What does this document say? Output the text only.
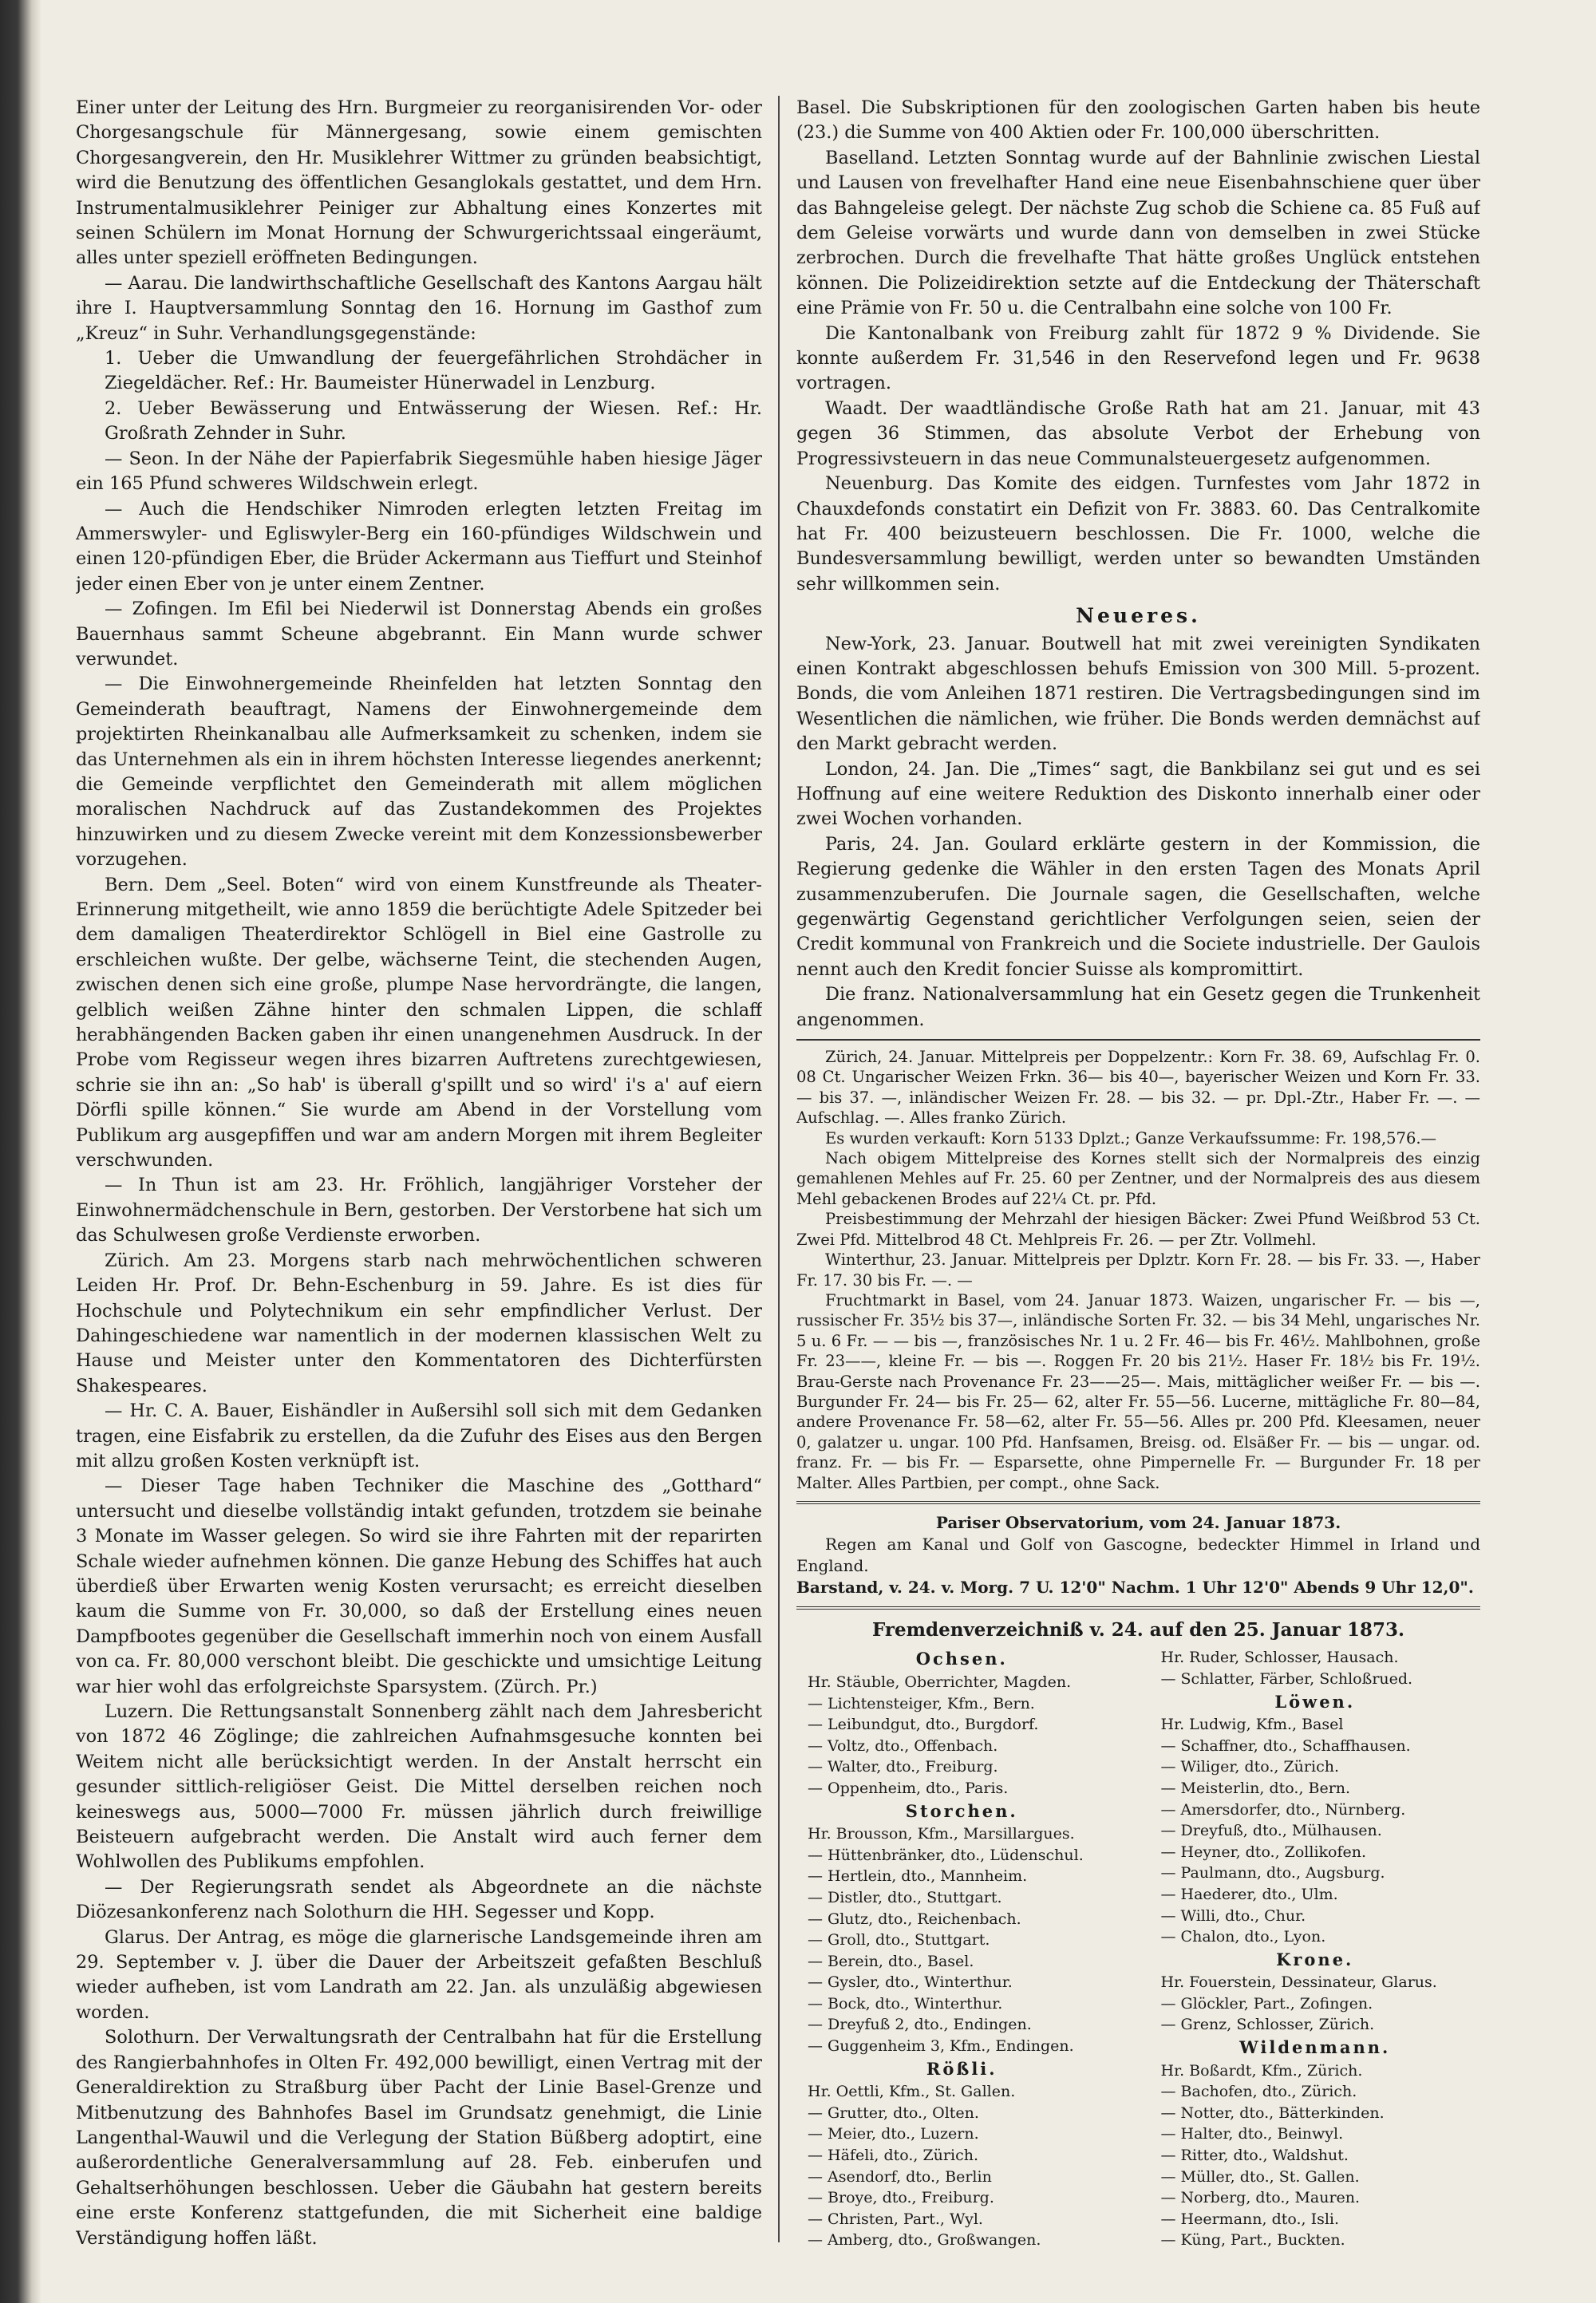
Einer unter der Leitung des Hrn. Burgmeier zu reorganisirenden Vor- oder Chorgesangschule für Männergesang, sowie einem gemischten Chorgesangverein, den Hr. Musiklehrer Wittmer zu gründen beabsichtigt, wird die Benutzung des öffentlichen Gesanglokals gestattet, und dem Hrn. Instrumentalmusiklehrer Peiniger zur Abhaltung eines Konzertes mit seinen Schülern im Monat Hornung der Schwurgerichtssaal eingeräumt, alles unter speziell eröffneten Bedingungen.

— Aarau. Die landwirthschaftliche Gesellschaft des Kantons Aargau hält ihre I. Hauptversammlung Sonntag den 16. Hornung im Gasthof zum „Kreuz“ in Suhr. Verhandlungsgegenstände:

1. Ueber die Umwandlung der feuergefährlichen Strohdächer in Ziegeldächer. Ref.: Hr. Baumeister Hünerwadel in Lenzburg.

2. Ueber Bewässerung und Entwässerung der Wiesen. Ref.: Hr. Großrath Zehnder in Suhr.

— Seon. In der Nähe der Papierfabrik Siegesmühle haben hiesige Jäger ein 165 Pfund schweres Wildschwein erlegt.

— Auch die Hendschiker Nimroden erlegten letzten Freitag im Ammerswyler- und Egliswyler-Berg ein 160-pfündiges Wildschwein und einen 120-pfündigen Eber, die Brüder Ackermann aus Tieffurt und Steinhof jeder einen Eber von je unter einem Zentner.

— Zofingen. Im Efil bei Niederwil ist Donnerstag Abends ein großes Bauernhaus sammt Scheune abgebrannt. Ein Mann wurde schwer verwundet.

— Die Einwohnergemeinde Rheinfelden hat letzten Sonntag den Gemeinderath beauftragt, Namens der Einwohnergemeinde dem projektirten Rheinkanalbau alle Aufmerksamkeit zu schenken, indem sie das Unternehmen als ein in ihrem höchsten Interesse liegendes anerkennt; die Gemeinde verpflichtet den Gemeinderath mit allem möglichen moralischen Nachdruck auf das Zustandekommen des Projektes hinzuwirken und zu diesem Zwecke vereint mit dem Konzessionsbewerber vorzugehen.

Bern. Dem „Seel. Boten“ wird von einem Kunstfreunde als Theater-Erinnerung mitgetheilt, wie anno 1859 die berüchtigte Adele Spitzeder bei dem damaligen Theaterdirektor Schlögell in Biel eine Gastrolle zu erschleichen wußte. Der gelbe, wächserne Teint, die stechenden Augen, zwischen denen sich eine große, plumpe Nase hervordrängte, die langen, gelblich weißen Zähne hinter den schmalen Lippen, die schlaff herabhängenden Backen gaben ihr einen unangenehmen Ausdruck. In der Probe vom Regisseur wegen ihres bizarren Auftretens zurechtgewiesen, schrie sie ihn an: „So hab' is überall g'spillt und so wird' i's a' auf eiern Dörfli spille können.“ Sie wurde am Abend in der Vorstellung vom Publikum arg ausgepfiffen und war am andern Morgen mit ihrem Begleiter verschwunden.

— In Thun ist am 23. Hr. Fröhlich, langjähriger Vorsteher der Einwohnermädchenschule in Bern, gestorben. Der Verstorbene hat sich um das Schulwesen große Verdienste erworben.

Zürich. Am 23. Morgens starb nach mehrwöchentlichen schweren Leiden Hr. Prof. Dr. Behn-Eschenburg in 59. Jahre. Es ist dies für Hochschule und Polytechnikum ein sehr empfindlicher Verlust. Der Dahingeschiedene war namentlich in der modernen klassischen Welt zu Hause und Meister unter den Kommentatoren des Dichterfürsten Shakespeares.

— Hr. C. A. Bauer, Eishändler in Außersihl soll sich mit dem Gedanken tragen, eine Eisfabrik zu erstellen, da die Zufuhr des Eises aus den Bergen mit allzu großen Kosten verknüpft ist.

— Dieser Tage haben Techniker die Maschine des „Gotthard“ untersucht und dieselbe vollständig intakt gefunden, trotzdem sie beinahe 3 Monate im Wasser gelegen. So wird sie ihre Fahrten mit der reparirten Schale wieder aufnehmen können. Die ganze Hebung des Schiffes hat auch überdieß über Erwarten wenig Kosten verursacht; es erreicht dieselben kaum die Summe von Fr. 30,000, so daß der Erstellung eines neuen Dampfbootes gegenüber die Gesellschaft immerhin noch von einem Ausfall von ca. Fr. 80,000 verschont bleibt. Die geschickte und umsichtige Leitung war hier wohl das erfolgreichste Sparsystem. (Zürch. Pr.)

Luzern. Die Rettungsanstalt Sonnenberg zählt nach dem Jahresbericht von 1872 46 Zöglinge; die zahlreichen Aufnahmsgesuche konnten bei Weitem nicht alle berücksichtigt werden. In der Anstalt herrscht ein gesunder sittlich-religiöser Geist. Die Mittel derselben reichen noch keineswegs aus, 5000—7000 Fr. müssen jährlich durch freiwillige Beisteuern aufgebracht werden. Die Anstalt wird auch ferner dem Wohlwollen des Publikums empfohlen.

— Der Regierungsrath sendet als Abgeordnete an die nächste Diözesankonferenz nach Solothurn die HH. Segesser und Kopp.

Glarus. Der Antrag, es möge die glarnerische Landsgemeinde ihren am 29. September v. J. über die Dauer der Arbeitszeit gefaßten Beschluß wieder aufheben, ist vom Landrath am 22. Jan. als unzuläßig abgewiesen worden.

Solothurn. Der Verwaltungsrath der Centralbahn hat für die Erstellung des Rangierbahnhofes in Olten Fr. 492,000 bewilligt, einen Vertrag mit der Generaldirektion zu Straßburg über Pacht der Linie Basel-Grenze und Mitbenutzung des Bahnhofes Basel im Grundsatz genehmigt, die Linie Langenthal-Wauwil und die Verlegung der Station Büßberg adoptirt, eine außerordentliche Generalversammlung auf 28. Feb. einberufen und Gehaltserhöhungen beschlossen. Ueber die Gäubahn hat gestern bereits eine erste Konferenz stattgefunden, die mit Sicherheit eine baldige Verständigung hoffen läßt.

Basel. Die Subskriptionen für den zoologischen Garten haben bis heute (23.) die Summe von 400 Aktien oder Fr. 100,000 überschritten.

Baselland. Letzten Sonntag wurde auf der Bahnlinie zwischen Liestal und Lausen von frevelhafter Hand eine neue Eisenbahnschiene quer über das Bahngeleise gelegt. Der nächste Zug schob die Schiene ca. 85 Fuß auf dem Geleise vorwärts und wurde dann von demselben in zwei Stücke zerbrochen. Durch die frevelhafte That hätte großes Unglück entstehen können. Die Polizeidirektion setzte auf die Entdeckung der Thäterschaft eine Prämie von Fr. 50 u. die Centralbahn eine solche von 100 Fr.

Die Kantonalbank von Freiburg zahlt für 1872 9 % Dividende. Sie konnte außerdem Fr. 31,546 in den Reservefond legen und Fr. 9638 vortragen.

Waadt. Der waadtländische Große Rath hat am 21. Januar, mit 43 gegen 36 Stimmen, das absolute Verbot der Erhebung von Progressivsteuern in das neue Communalsteuergesetz aufgenommen.

Neuenburg. Das Komite des eidgen. Turnfestes vom Jahr 1872 in Chauxdefonds constatirt ein Defizit von Fr. 3883. 60. Das Centralkomite hat Fr. 400 beizusteuern beschlossen. Die Fr. 1000, welche die Bundesversammlung bewilligt, werden unter so bewandten Umständen sehr willkommen sein.

Neueres.

New-York, 23. Januar. Boutwell hat mit zwei vereinigten Syndikaten einen Kontrakt abgeschlossen behufs Emission von 300 Mill. 5-prozent. Bonds, die vom Anleihen 1871 restiren. Die Vertragsbedingungen sind im Wesentlichen die nämlichen, wie früher. Die Bonds werden demnächst auf den Markt gebracht werden.

London, 24. Jan. Die „Times“ sagt, die Bankbilanz sei gut und es sei Hoffnung auf eine weitere Reduktion des Diskonto innerhalb einer oder zwei Wochen vorhanden.

Paris, 24. Jan. Goulard erklärte gestern in der Kommission, die Regierung gedenke die Wähler in den ersten Tagen des Monats April zusammenzuberufen. Die Journale sagen, die Gesellschaften, welche gegenwärtig Gegenstand gerichtlicher Verfolgungen seien, seien der Credit kommunal von Frankreich und die Societe industrielle. Der Gaulois nennt auch den Kredit foncier Suisse als kompromittirt.

Die franz. Nationalversammlung hat ein Gesetz gegen die Trunkenheit angenommen.

Zürich, 24. Januar. Mittelpreis per Doppelzentr.: Korn Fr. 38. 69, Aufschlag Fr. 0. 08 Ct. Ungarischer Weizen Frkn. 36— bis 40—, bayerischer Weizen und Korn Fr. 33. — bis 37. —, inländischer Weizen Fr. 28. — bis 32. — pr. Dpl.-Ztr., Haber Fr. —. — Aufschlag. —. Alles franko Zürich.

Es wurden verkauft: Korn 5133 Dplzt.; Ganze Verkaufssumme: Fr. 198,576.—

Nach obigem Mittelpreise des Kornes stellt sich der Normalpreis des einzig gemahlenen Mehles auf Fr. 25. 60 per Zentner, und der Normalpreis des aus diesem Mehl gebackenen Brodes auf 22¼ Ct. pr. Pfd.

Preisbestimmung der Mehrzahl der hiesigen Bäcker: Zwei Pfund Weißbrod 53 Ct. Zwei Pfd. Mittelbrod 48 Ct. Mehlpreis Fr. 26. — per Ztr. Vollmehl.

Winterthur, 23. Januar. Mittelpreis per Dplztr. Korn Fr. 28. — bis Fr. 33. —, Haber Fr. 17. 30 bis Fr. —. —

Fruchtmarkt in Basel, vom 24. Januar 1873. Waizen, ungarischer Fr. — bis —, russischer Fr. 35½ bis 37—, inländische Sorten Fr. 32. — bis 34 Mehl, ungarisches Nr. 5 u. 6 Fr. — — bis —, französisches Nr. 1 u. 2 Fr. 46— bis Fr. 46½. Mahlbohnen, große Fr. 23——, kleine Fr. — bis —. Roggen Fr. 20 bis 21½. Haser Fr. 18½ bis Fr. 19½. Brau-Gerste nach Provenance Fr. 23——25—. Mais, mittäglicher weißer Fr. — bis —. Burgunder Fr. 24— bis Fr. 25— 62, alter Fr. 55—56. Lucerne, mittägliche Fr. 80—84, andere Provenance Fr. 58—62, alter Fr. 55—56. Alles pr. 200 Pfd. Kleesamen, neuer 0, galatzer u. ungar. 100 Pfd. Hanfsamen, Breisg. od. Elsäßer Fr. — bis — ungar. od. franz. Fr. — bis Fr. — Esparsette, ohne Pimpernelle Fr. — Burgunder Fr. 18 per Malter. Alles Partbien, per compt., ohne Sack.

Pariser Observatorium, vom 24. Januar 1873.

Regen am Kanal und Golf von Gascogne, bedeckter Himmel in Irland und England.

Barstand, v. 24. v. Morg. 7 U. 12'0" Nachm. 1 Uhr 12'0" Abends 9 Uhr 12,0".

Fremdenverzeichniß v. 24. auf den 25. Januar 1873.
Ochsen.
Hr. Stäuble, Oberrichter, Magden.
— Lichtensteiger, Kfm., Bern.
— Leibundgut, dto., Burgdorf.
— Voltz, dto., Offenbach.
— Walter, dto., Freiburg.
— Oppenheim, dto., Paris.
Storchen.
Hr. Brousson, Kfm., Marsillargues.
— Hüttenbränker, dto., Lüdenschul.
— Hertlein, dto., Mannheim.
— Distler, dto., Stuttgart.
— Glutz, dto., Reichenbach.
— Groll, dto., Stuttgart.
— Berein, dto., Basel.
— Gysler, dto., Winterthur.
— Bock, dto., Winterthur.
— Dreyfuß 2, dto., Endingen.
— Guggenheim 3, Kfm., Endingen.
Rößli.
Hr. Oettli, Kfm., St. Gallen.
— Grutter, dto., Olten.
— Meier, dto., Luzern.
— Häfeli, dto., Zürich.
— Asendorf, dto., Berlin
— Broye, dto., Freiburg.
— Christen, Part., Wyl.
— Amberg, dto., Großwangen.
Hr. Ruder, Schlosser, Hausach.
— Schlatter, Färber, Schloßrued.
Löwen.
Hr. Ludwig, Kfm., Basel
— Schaffner, dto., Schaffhausen.
— Wiliger, dto., Zürich.
— Meisterlin, dto., Bern.
— Amersdorfer, dto., Nürnberg.
— Dreyfuß, dto., Mülhausen.
— Heyner, dto., Zollikofen.
— Paulmann, dto., Augsburg.
— Haederer, dto., Ulm.
— Willi, dto., Chur.
— Chalon, dto., Lyon.
Krone.
Hr. Fouerstein, Dessinateur, Glarus.
— Glöckler, Part., Zofingen.
— Grenz, Schlosser, Zürich.
Wildenmann.
Hr. Boßardt, Kfm., Zürich.
— Bachofen, dto., Zürich.
— Notter, dto., Bätterkinden.
— Halter, dto., Beinwyl.
— Ritter, dto., Waldshut.
— Müller, dto., St. Gallen.
— Norberg, dto., Mauren.
— Heermann, dto., Isli.
— Küng, Part., Buckten.
